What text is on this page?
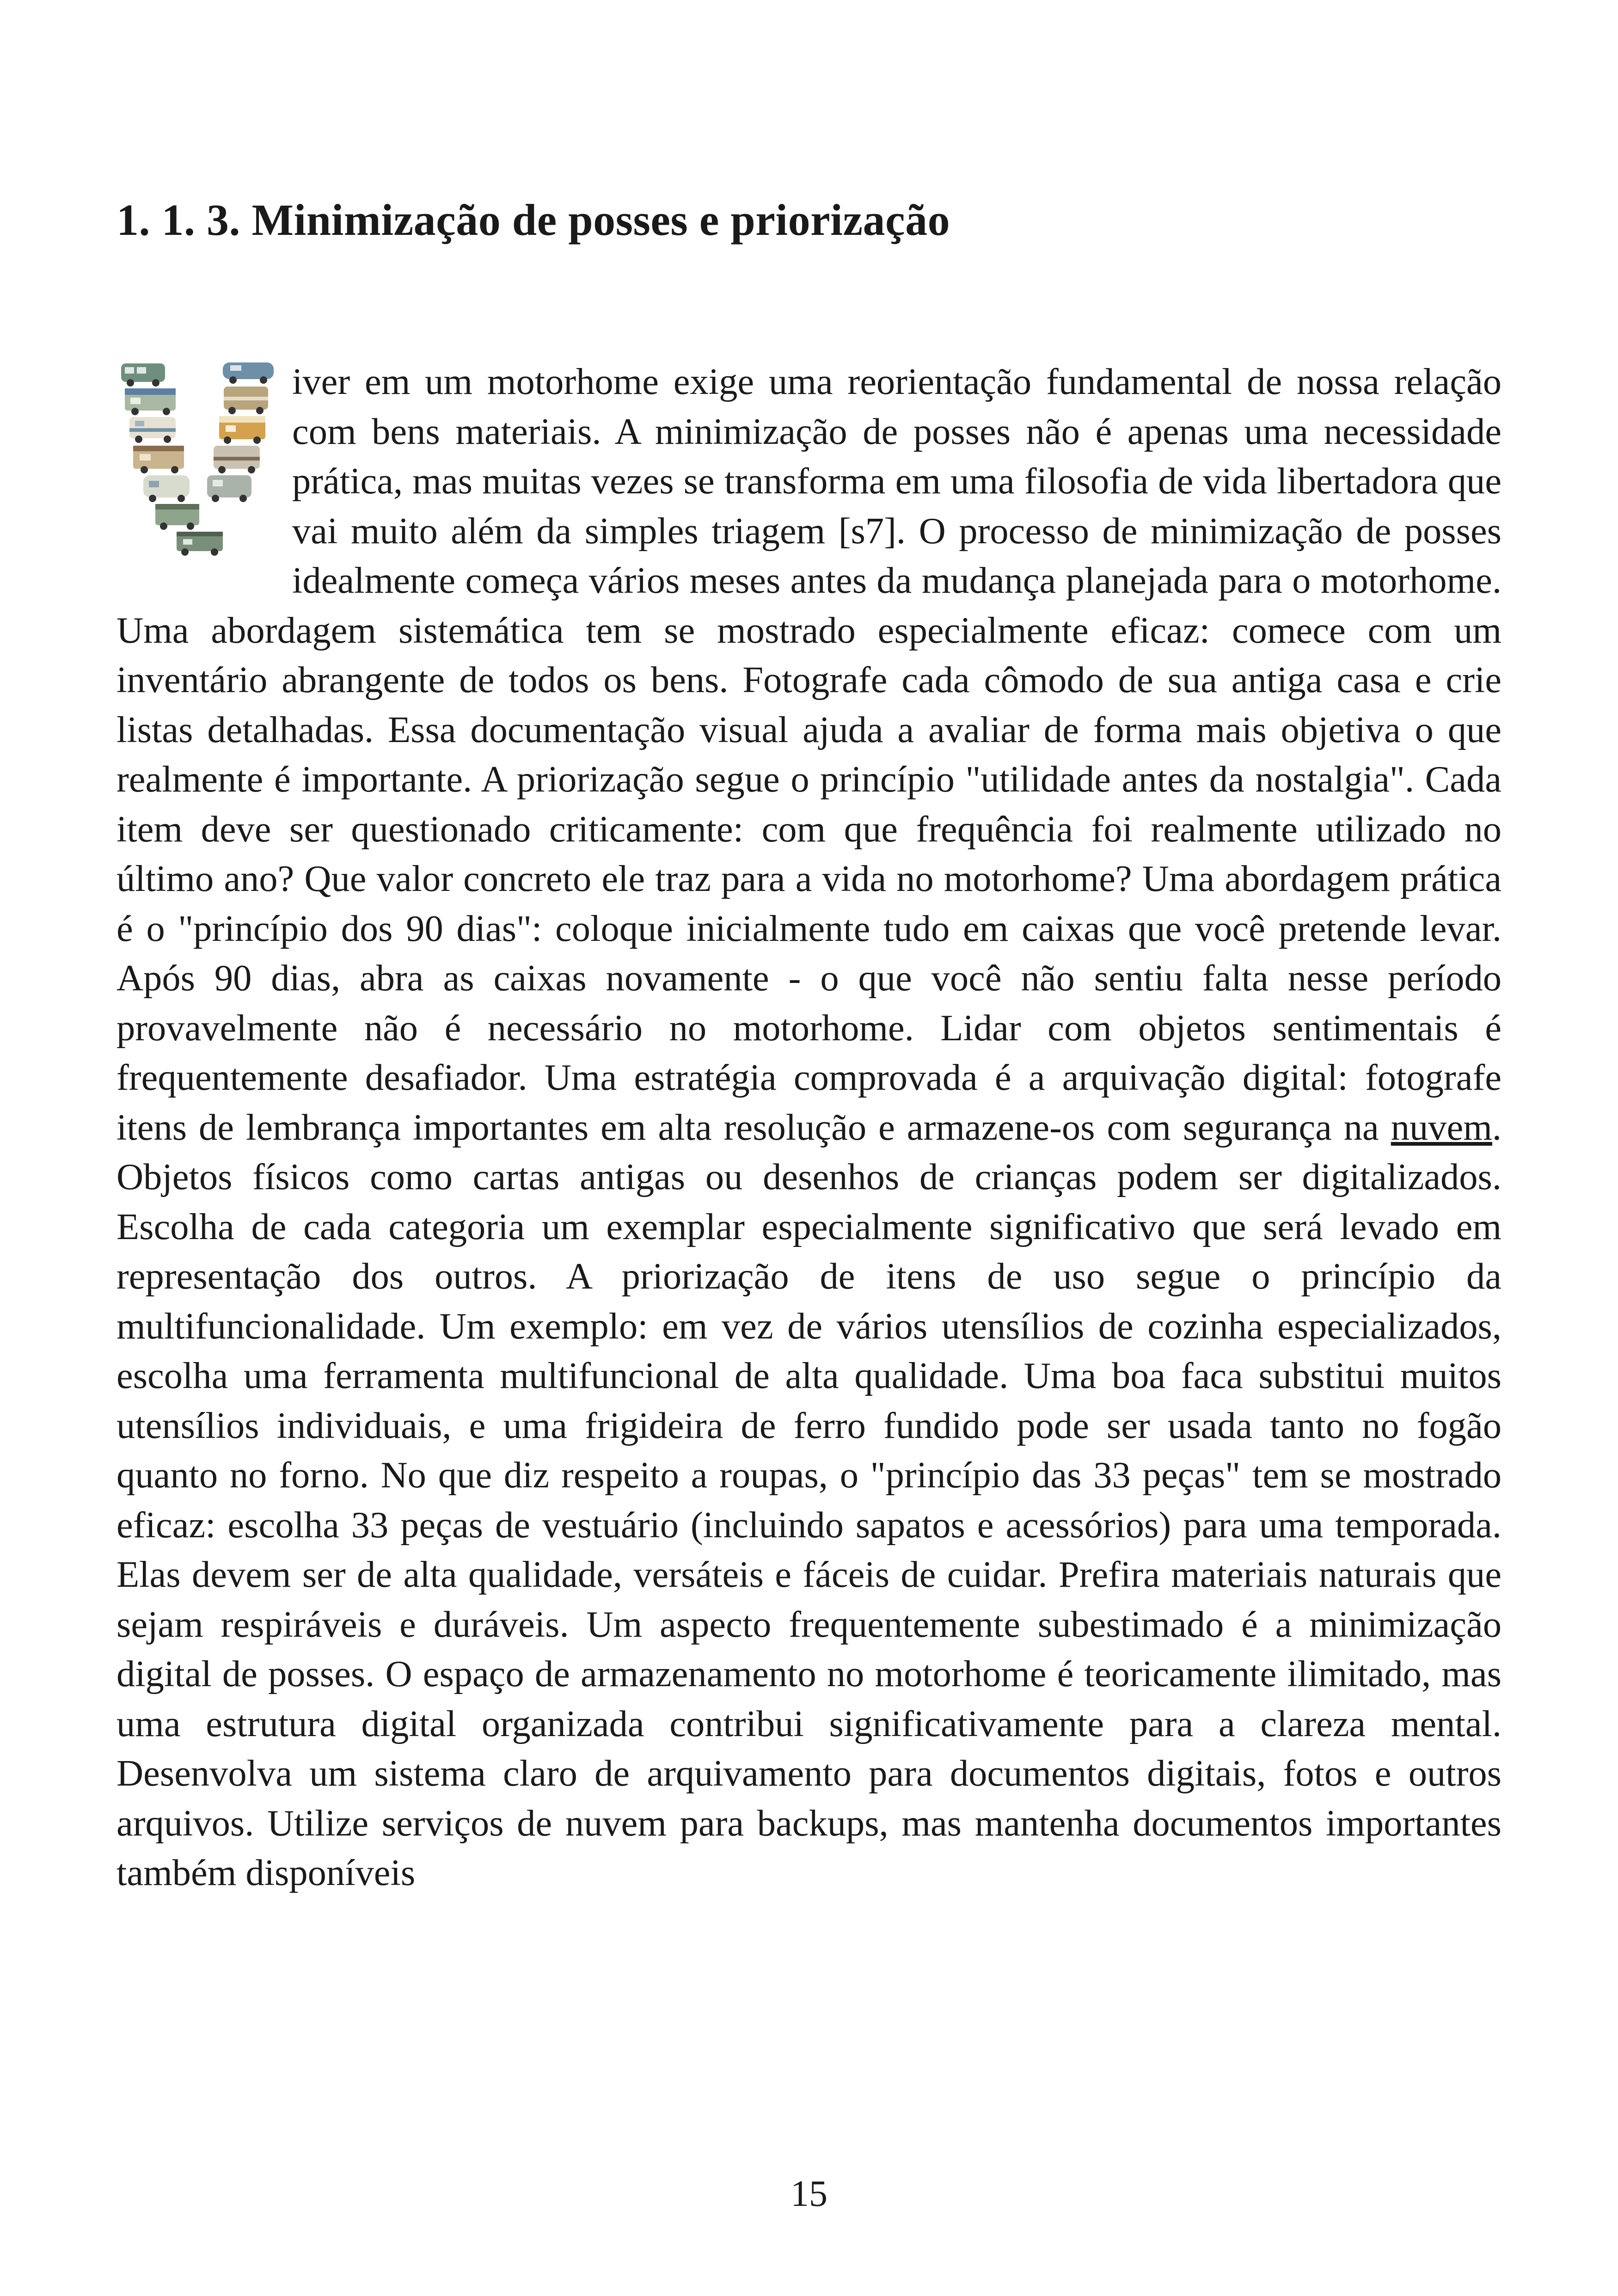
1. 1. 3. Minimização de posses e priorização

iver em um motorhome exige uma reorientação fundamental de nossa relação com bens materiais. A minimização de posses não é apenas uma necessidade prática, mas muitas vezes se transforma em uma filosofia de vida libertadora que vai muito além da simples triagem [s7]. O processo de minimização de posses idealmente começa vários meses antes da mudança planejada para o motorhome. Uma abordagem sistemática tem se mostrado especialmente eficaz: comece com um inventário abrangente de todos os bens. Fotografe cada cômodo de sua antiga casa e crie listas detalhadas. Essa documentação visual ajuda a avaliar de forma mais objetiva o que realmente é importante. A priorização segue o princípio "utilidade antes da nostalgia". Cada item deve ser questionado criticamente: com que frequência foi realmente utilizado no último ano? Que valor concreto ele traz para a vida no motorhome? Uma abordagem prática é o "princípio dos 90 dias": coloque inicialmente tudo em caixas que você pretende levar. Após 90 dias, abra as caixas novamente - o que você não sentiu falta nesse período provavelmente não é necessário no motorhome. Lidar com objetos sentimentais é frequentemente desafiador. Uma estratégia comprovada é a arquivação digital: fotografe itens de lembrança importantes em alta resolução e armazene-os com segurança na nuvem. Objetos físicos como cartas antigas ou desenhos de crianças podem ser digitalizados. Escolha de cada categoria um exemplar especialmente significativo que será levado em representação dos outros. A priorização de itens de uso segue o princípio da multifuncionalidade. Um exemplo: em vez de vários utensílios de cozinha especializados, escolha uma ferramenta multifuncional de alta qualidade. Uma boa faca substitui muitos utensílios individuais, e uma frigideira de ferro fundido pode ser usada tanto no fogão quanto no forno. No que diz respeito a roupas, o "princípio das 33 peças" tem se mostrado eficaz: escolha 33 peças de vestuário (incluindo sapatos e acessórios) para uma temporada. Elas devem ser de alta qualidade, versáteis e fáceis de cuidar. Prefira materiais naturais que sejam respiráveis e duráveis. Um aspecto frequentemente subestimado é a minimização digital de posses. O espaço de armazenamento no motorhome é teoricamente ilimitado, mas uma estrutura digital organizada contribui significativamente para a clareza mental. Desenvolva um sistema claro de arquivamento para documentos digitais, fotos e outros arquivos. Utilize serviços de nuvem para backups, mas mantenha documentos importantes também disponíveis

15
